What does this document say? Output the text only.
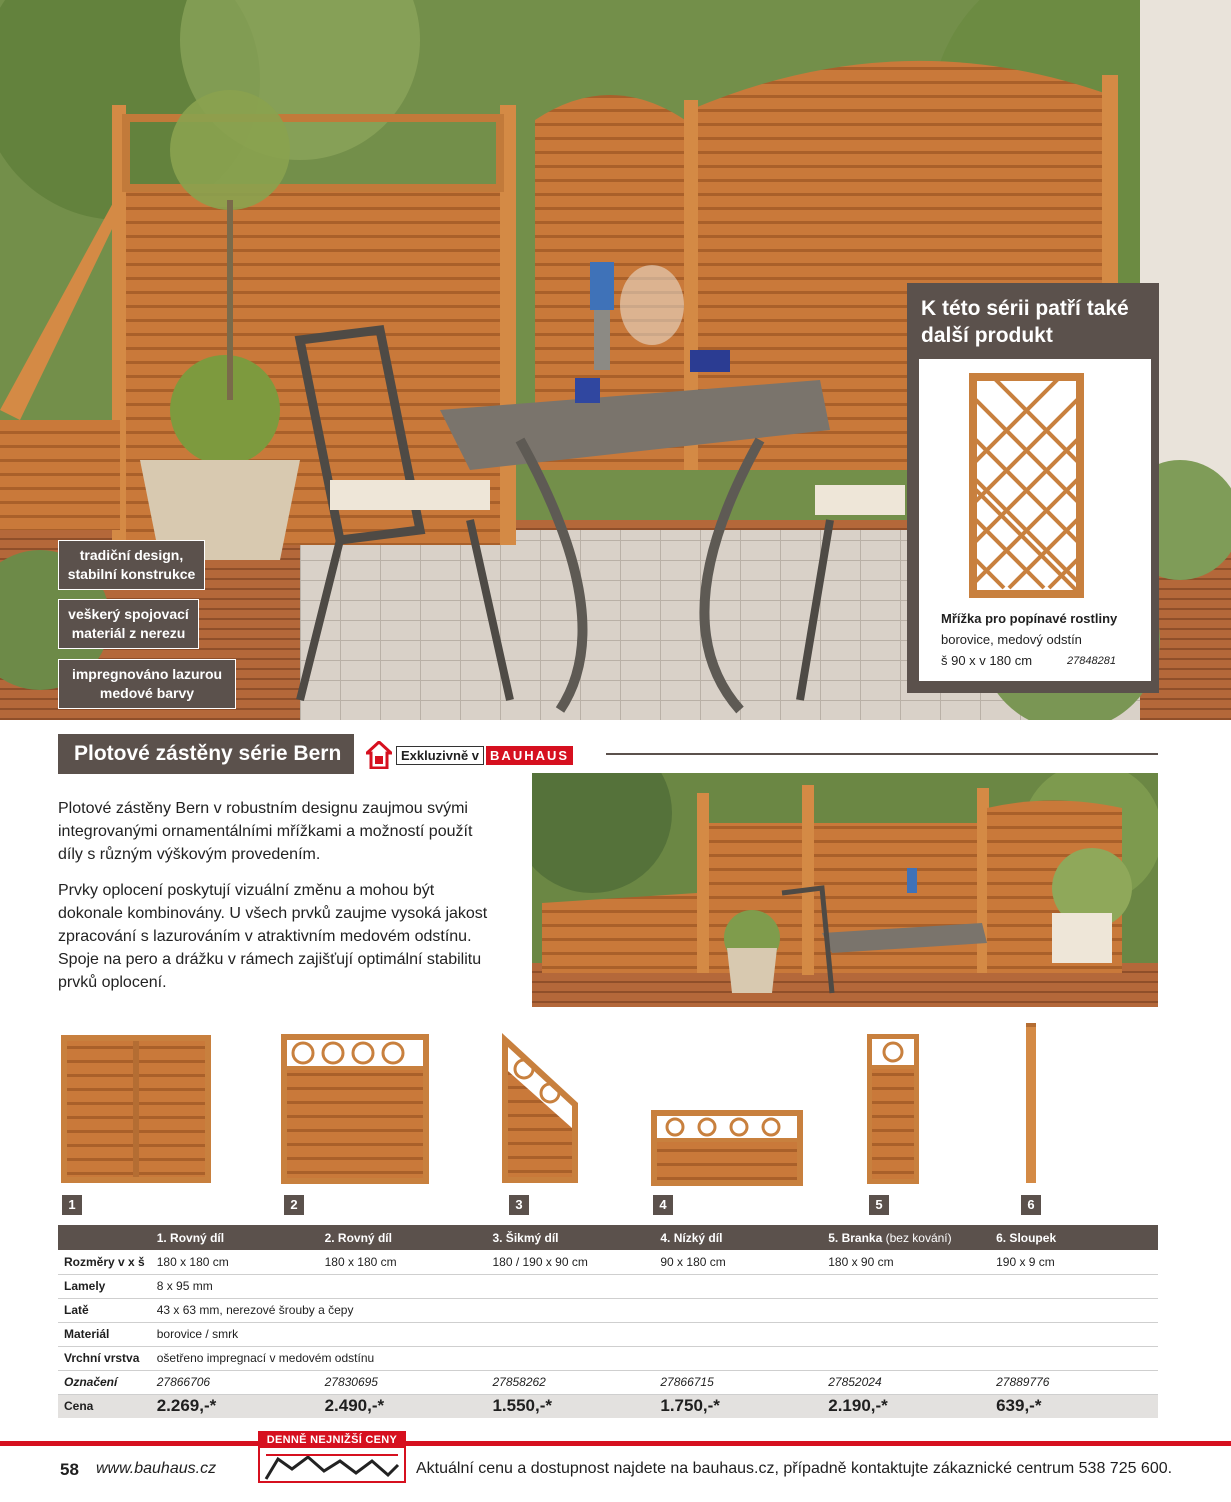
tradiční design, stabilní konstrukce
veškerý spojovací materiál z nerezu
impregnováno lazurou medové barvy
K této sérii patří také další produkt
Mřížka pro popínavé rostliny
borovice, medový odstín
š 90 x v 180 cm	27848281
Plotové zástěny série Bern	Exkluzivně v BAUHAUS

Plotové zástěny Bern v robustním designu zaujmou svými integrovanými ornamentálními mřížkami a možností použít díly s různým výškovým provedením.

Prvky oplocení poskytují vizuální změnu a mohou být dokonale kombinovány. U všech prvků zaujme vysoká jakost zpracování s lazurováním v atraktivním medovém odstínu. Spoje na pero a drážku v rámech zajišťují optimální stabilitu prvků oplocení.

1	2	3	4	5	6
	1. Rovný díl	2. Rovný díl	3. Šikmý díl	4. Nízký díl	5. Branka (bez kování)	6. Sloupek
Rozměry v x š	180 x 180 cm	180 x 180 cm	180 / 190 x 90 cm	90 x 180 cm	180 x 90 cm	190 x 9 cm
Lamely	8 x 95 mm					
Latě	43 x 63 mm, nerezové šrouby a čepy					
Materiál	borovice / smrk					
Vrchní vrstva	ošetřeno impregnací v medovém odstínu					
Označení	27866706	27830695	27858262	27866715	27852024	27889776
Cena	2.269,-*	2.490,-*	1.550,-*	1.750,-*	2.190,-*	639,-*
58 www.bauhaus.cz
DENNĚ NEJNIŽŠÍ CENY
Aktuální cenu a dostupnost najdete na bauhaus.cz, případně kontaktujte zákaznické centrum 538 725 600.
